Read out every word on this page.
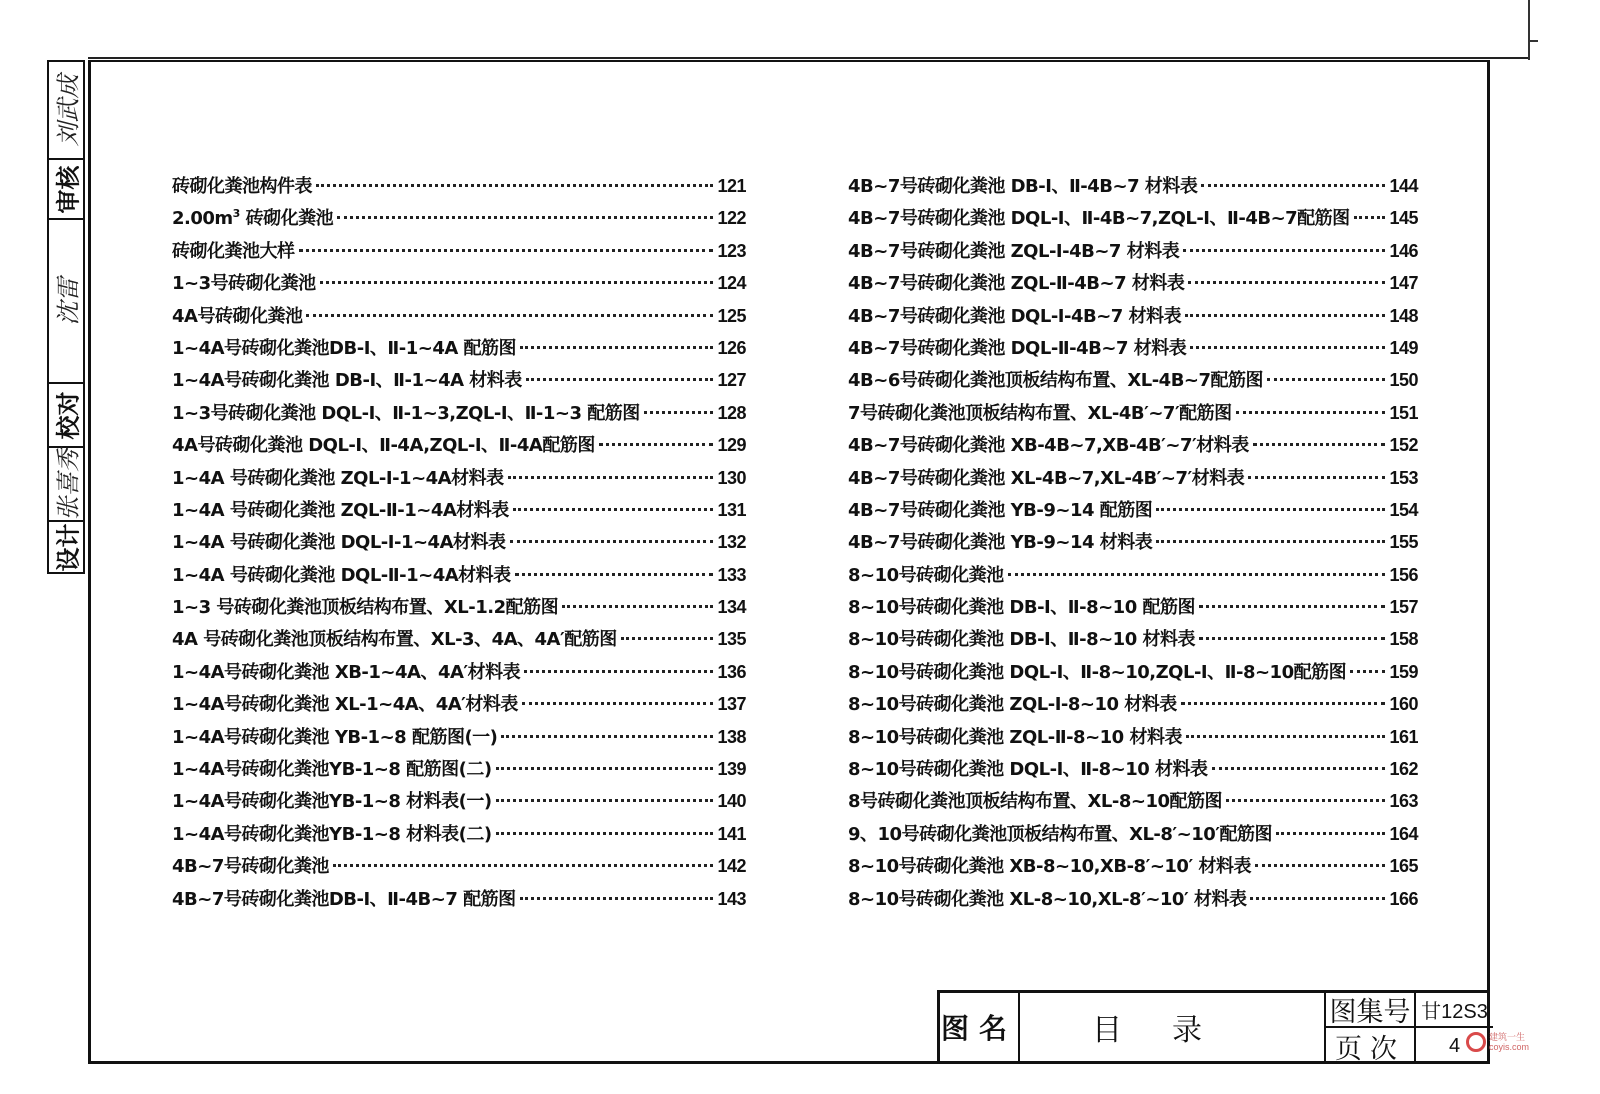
刘武成
审核
沈雷
校对
张喜秀
设计
砖砌化粪池构件表	121
$2.00m^3$ 砖砌化粪池	122
砖砌化粪池大样	123
1~3号砖砌化粪池	124
4A号砖砌化粪池	125
1~4A号砖砌化粪池DB-Ⅰ、Ⅱ-1~4A 配筋图	126
1~4A号砖砌化粪池 DB-Ⅰ、Ⅱ-1~4A 材料表	127
1~3号砖砌化粪池 DQL-Ⅰ、Ⅱ-1~3,ZQL-Ⅰ、Ⅱ-1~3 配筋图	128
4A号砖砌化粪池 DQL-Ⅰ、Ⅱ-4A,ZQL-Ⅰ、Ⅱ-4A配筋图	129
1~4A 号砖砌化粪池 ZQL-Ⅰ-1~4A材料表	130
1~4A 号砖砌化粪池 ZQL-Ⅱ-1~4A材料表	131
1~4A 号砖砌化粪池 DQL-Ⅰ-1~4A材料表	132
1~4A 号砖砌化粪池 DQL-Ⅱ-1~4A材料表	133
1~3 号砖砌化粪池顶板结构布置、XL-1.2配筋图	134
4A 号砖砌化粪池顶板结构布置、XL-3、4A、4A′配筋图	135
1~4A号砖砌化粪池 XB-1~4A、4A′材料表	136
1~4A号砖砌化粪池 XL-1~4A、4A′材料表	137
1~4A号砖砌化粪池 YB-1~8 配筋图(一)	138
1~4A号砖砌化粪池YB-1~8 配筋图(二)	139
1~4A号砖砌化粪池YB-1~8 材料表(一)	140
1~4A号砖砌化粪池YB-1~8 材料表(二)	141
4B~7号砖砌化粪池	142
4B~7号砖砌化粪池DB-Ⅰ、Ⅱ-4B~7 配筋图	143
4B~7号砖砌化粪池 DB-Ⅰ、Ⅱ-4B~7 材料表	144
4B~7号砖砌化粪池 DQL-Ⅰ、Ⅱ-4B~7,ZQL-Ⅰ、Ⅱ-4B~7配筋图 145
4B~7号砖砌化粪池 ZQL-Ⅰ-4B~7 材料表	146
4B~7号砖砌化粪池 ZQL-Ⅱ-4B~7 材料表	147
4B~7号砖砌化粪池 DQL-Ⅰ-4B~7 材料表	148
4B~7号砖砌化粪池 DQL-Ⅱ-4B~7 材料表	149
4B~6号砖砌化粪池顶板结构布置、XL-4B~7配筋图	150
7号砖砌化粪池顶板结构布置、XL-4B′~7′配筋图	151
4B~7号砖砌化粪池 XB-4B~7,XB-4B′~7′材料表	152
4B~7号砖砌化粪池 XL-4B~7,XL-4B′~7′材料表	153
4B~7号砖砌化粪池 YB-9~14 配筋图	154
4B~7号砖砌化粪池 YB-9~14 材料表	155
8~10号砖砌化粪池	156
8~10号砖砌化粪池 DB-Ⅰ、Ⅱ-8~10 配筋图	157
8~10号砖砌化粪池 DB-Ⅰ、Ⅱ-8~10 材料表	158
8~10号砖砌化粪池 DQL-Ⅰ、Ⅱ-8~10,ZQL-Ⅰ、Ⅱ-8~10配筋图 159
8~10号砖砌化粪池 ZQL-Ⅰ-8~10 材料表	160
8~10号砖砌化粪池 ZQL-Ⅱ-8~10 材料表	161
8~10号砖砌化粪池 DQL-Ⅰ、Ⅱ-8~10 材料表	162
8号砖砌化粪池顶板结构布置、XL-8~10配筋图	163
9、10号砖砌化粪池顶板结构布置、XL-8′~10′配筋图	164
8~10号砖砌化粪池 XB-8~10,XB-8′~10′ 材料表	165
8~10号砖砌化粪池 XL-8~10,XL-8′~10′ 材料表	166
图名	目录
图集号 甘12S3
页次	4	建筑一生
coyis.com
